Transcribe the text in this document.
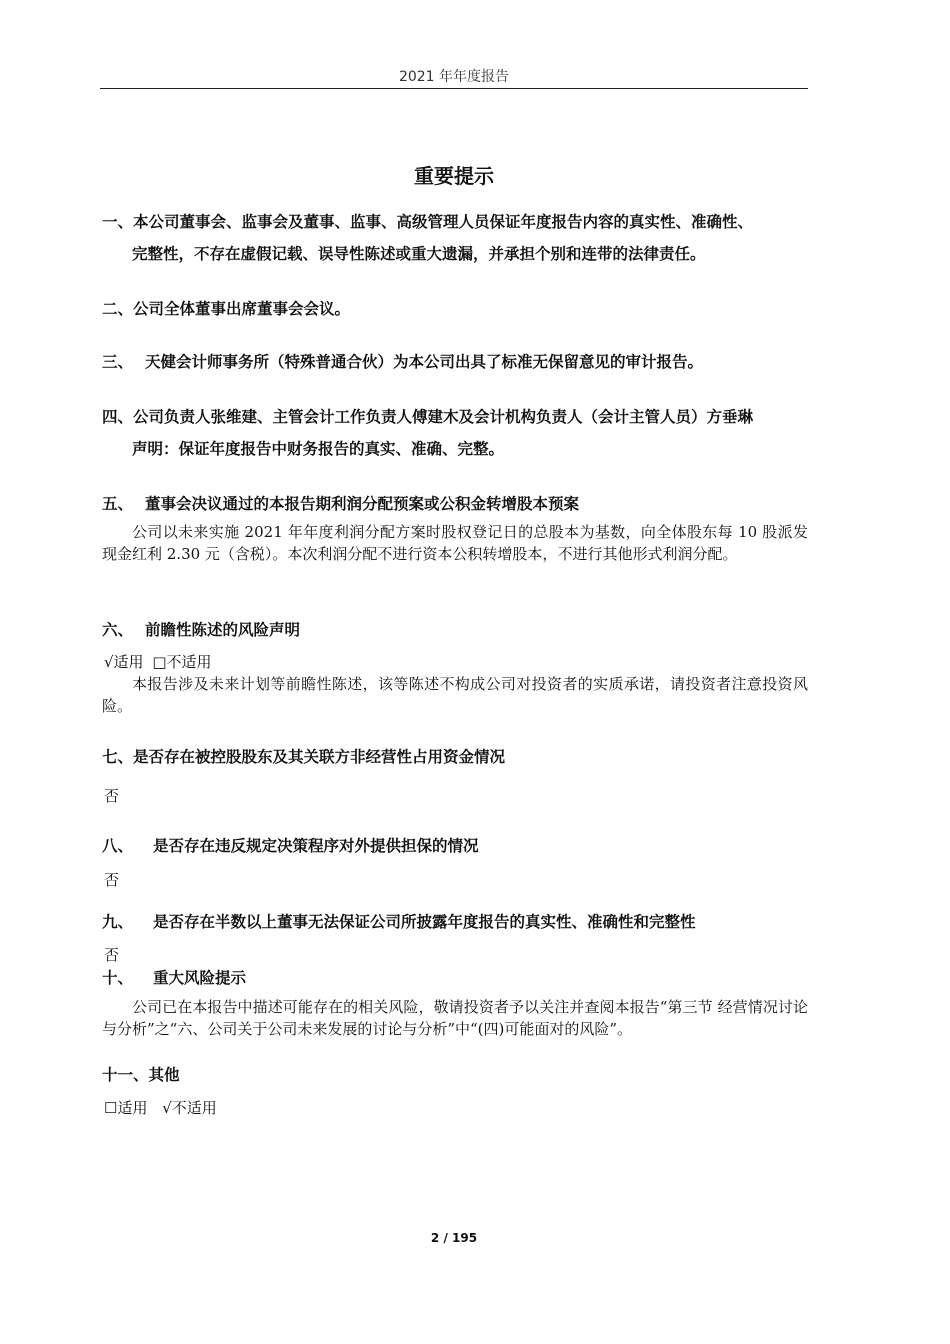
2021 年年度报告
重要提示
一、本公司董事会、监事会及董事、监事、高级管理人员保证年度报告内容的真实性、准确性、
完整性，不存在虚假记载、误导性陈述或重大遗漏，并承担个别和连带的法律责任。
二、公司全体董事出席董事会会议。
三、 天健会计师事务所（特殊普通合伙）为本公司出具了标准无保留意见的审计报告。
四、公司负责人张维建、主管会计工作负责人傅建木及会计机构负责人（会计主管人员）方垂琳
声明：保证年度报告中财务报告的真实、准确、完整。
五、 董事会决议通过的本报告期利润分配预案或公积金转增股本预案
公司以未来实施 2021 年年度利润分配方案时股权登记日的总股本为基数，向全体股东每 10 股派发现金红利 2.30 元（含税）。本次利润分配不进行资本公积转增股本，不进行其他形式利润分配。
六、 前瞻性陈述的风险声明
√适用 □不适用
本报告涉及未来计划等前瞻性陈述，该等陈述不构成公司对投资者的实质承诺，请投资者注意投资风险。
七、是否存在被控股股东及其关联方非经营性占用资金情况
否
八、 是否存在违反规定决策程序对外提供担保的情况
否
九、 是否存在半数以上董事无法保证公司所披露年度报告的真实性、准确性和完整性
否
十、 重大风险提示
公司已在本报告中描述可能存在的相关风险，敬请投资者予以关注并查阅本报告“第三节 经营情况讨论与分析”之“六、公司关于公司未来发展的讨论与分析”中“(四)可能面对的风险”。
十一、其他
☐适用 √不适用
2 / 195
